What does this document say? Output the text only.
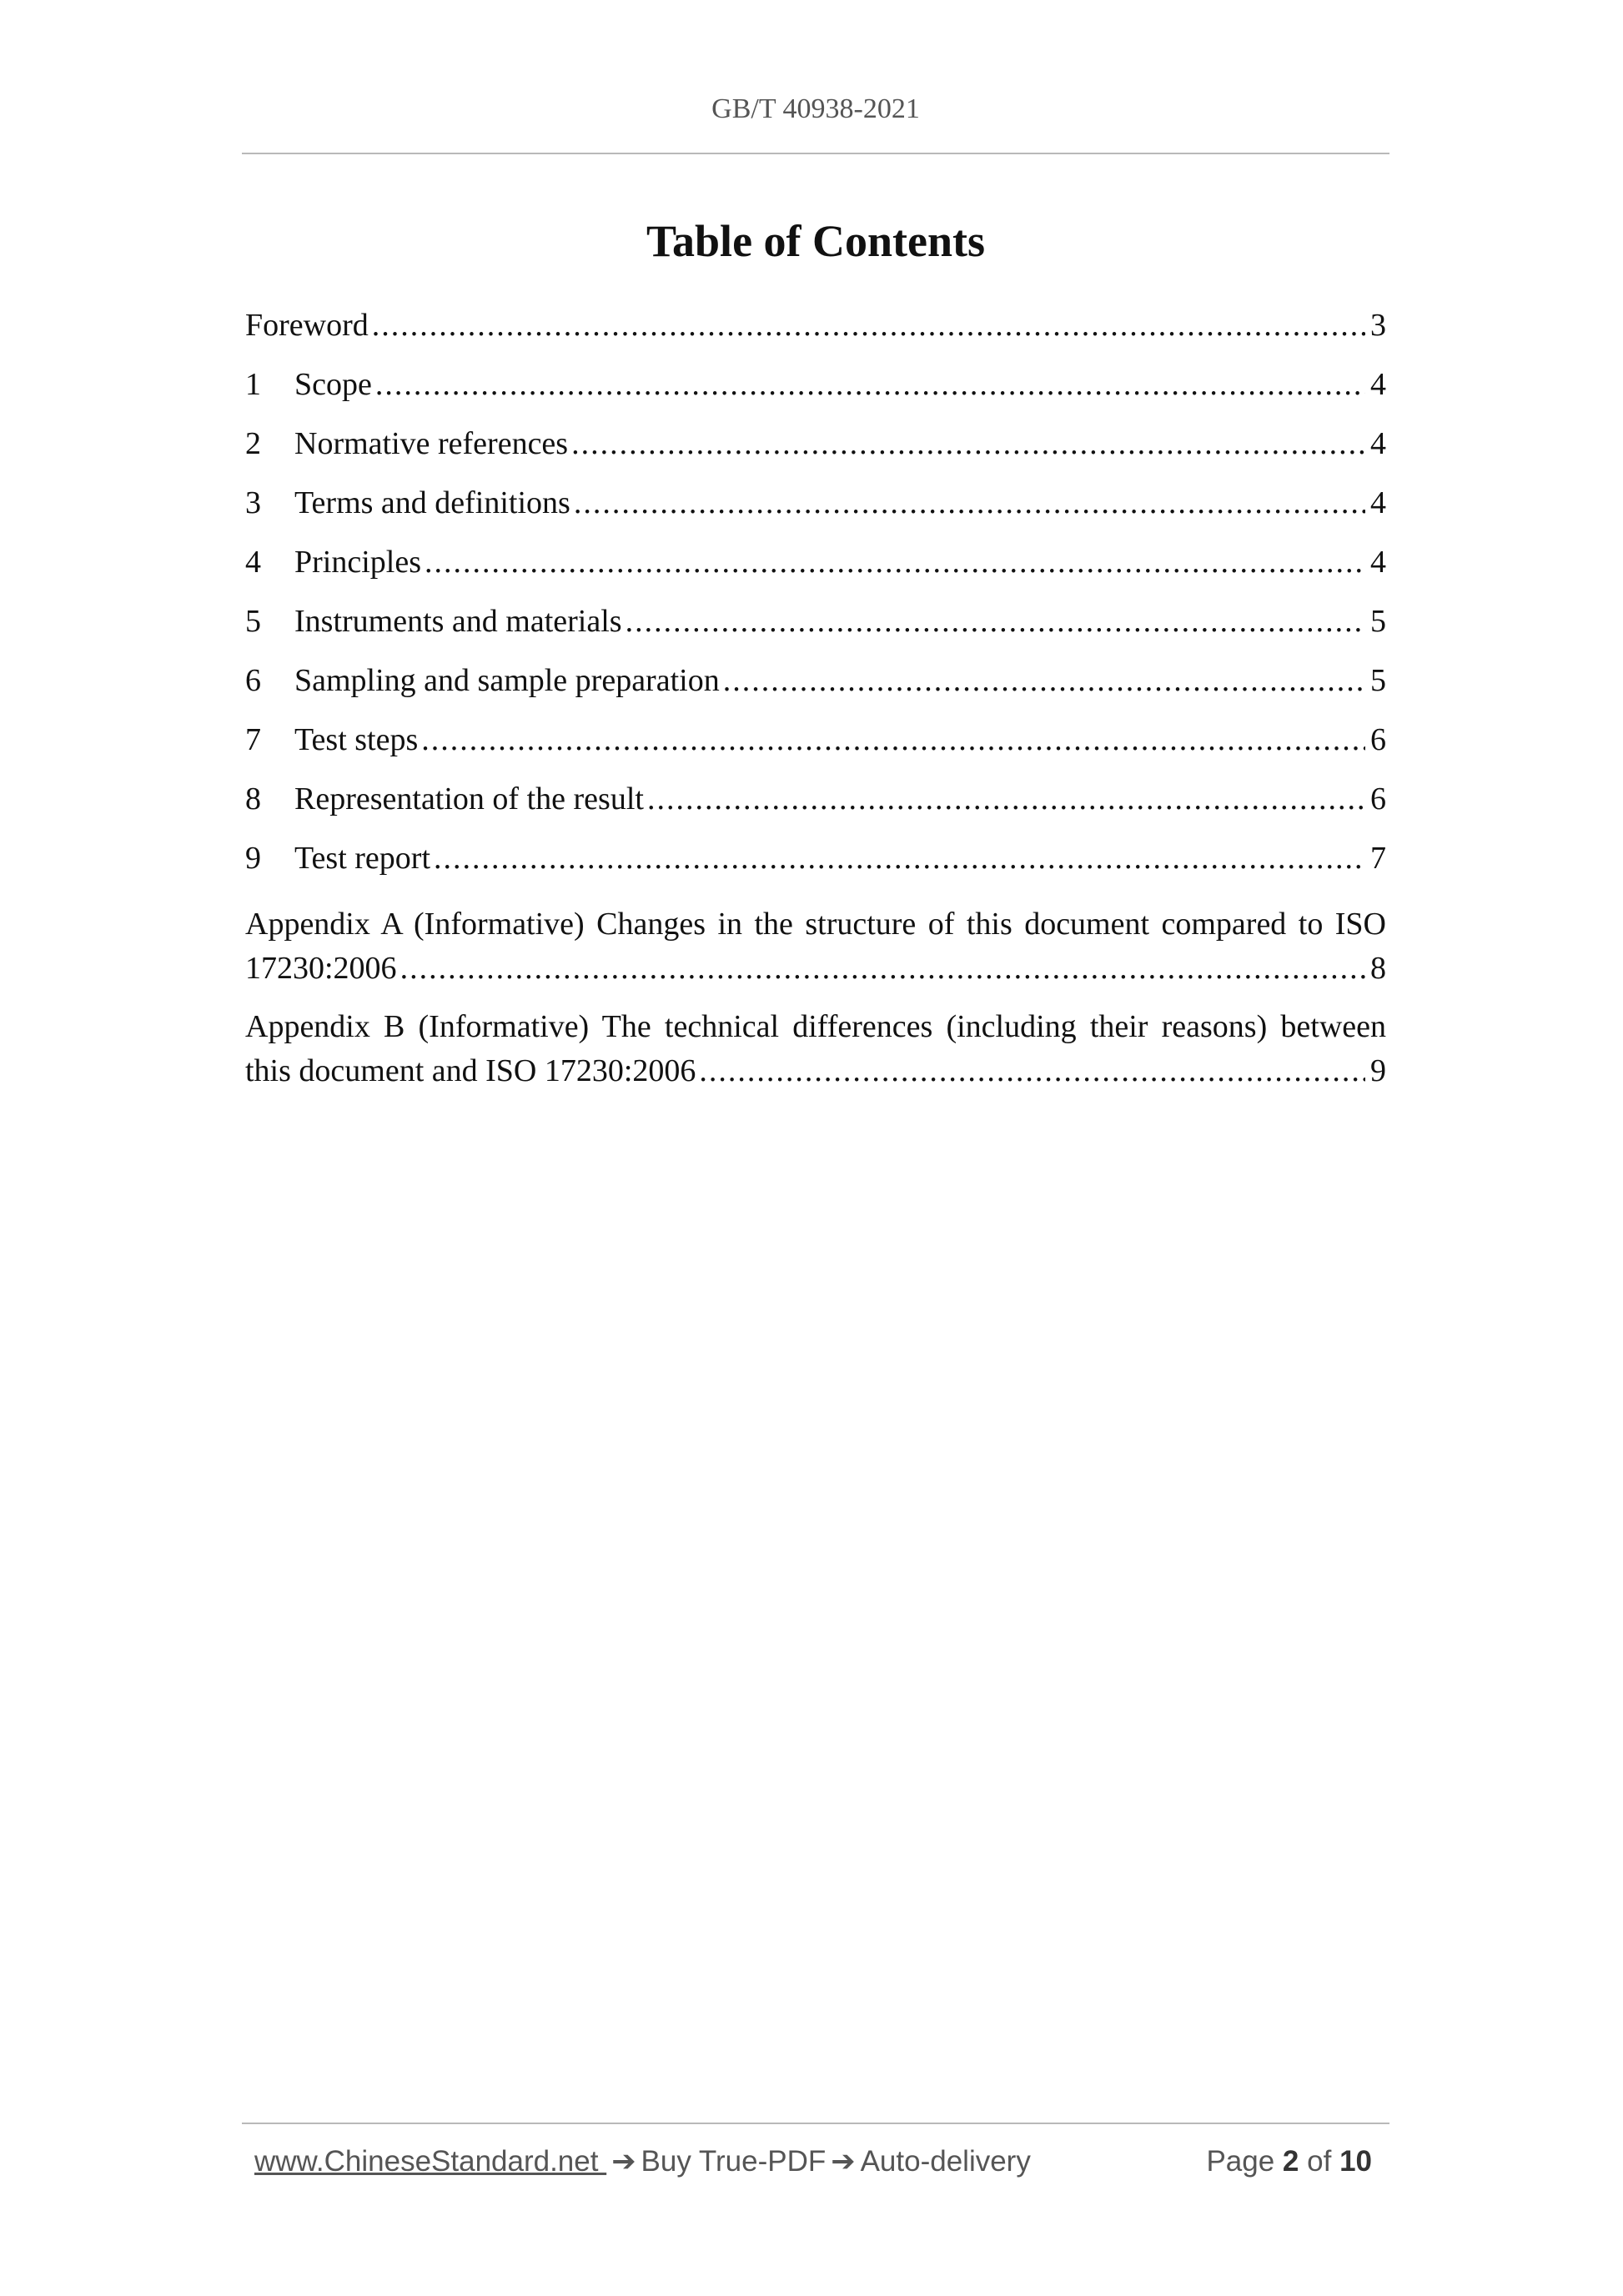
GB/T 40938-2021
Table of Contents
Foreword .....	3
1	Scope .....	4
2	Normative references .....	4
3	Terms and definitions .....	4
4	Principles .....	4
5	Instruments and materials .....	5
6	Sampling and sample preparation .....	5
7	Test steps .....	6
8	Representation of the result .....	6
9	Test report .....	7
Appendix A (Informative) Changes in the structure of this document compared to ISO
17230:2006 .....	8
Appendix B (Informative) The technical differences (including their reasons) between
this document and ISO 17230:2006 .....	9
www.ChineseStandard.net ➔ Buy True-PDF ➔ Auto-delivery	Page 2 of 10
